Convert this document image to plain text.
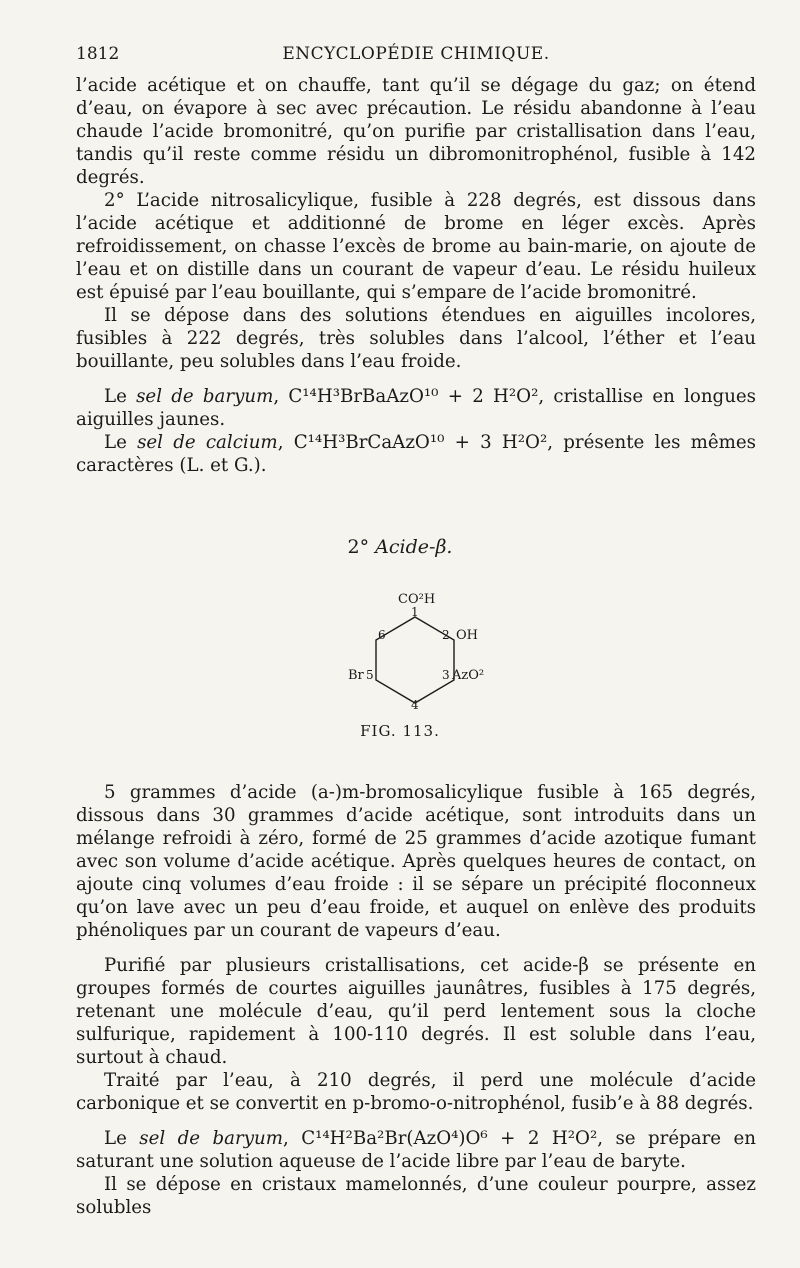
1812	ENCYCLOPÉDIE CHIMIQUE.

l’acide acétique et on chauffe, tant qu’il se dégage du gaz; on étend d’eau, on évapore à sec avec précaution. Le résidu abandonne à l’eau chaude l’acide bromonitré, qu’on purifie par cristallisation dans l’eau, tandis qu’il reste comme résidu un dibromonitrophénol, fusible à 142 degrés.

2° L’acide nitrosalicylique, fusible à 228 degrés, est dissous dans l’acide acétique et additionné de brome en léger excès. Après refroidissement, on chasse l’excès de brome au bain-marie, on ajoute de l’eau et on distille dans un courant de vapeur d’eau. Le résidu huileux est épuisé par l’eau bouillante, qui s’empare de l’acide bromonitré.

Il se dépose dans des solutions étendues en aiguilles incolores, fusibles à 222 degrés, très solubles dans l’alcool, l’éther et l’eau bouillante, peu solubles dans l’eau froide.

Le sel de baryum, C¹⁴H³BrBaAzO¹⁰ + 2 H²O², cristallise en longues aiguilles jaunes.

Le sel de calcium, C¹⁴H³BrCaAzO¹⁰ + 3 H²O², présente les mêmes caractères (L. et G.).

2° Acide-β.
CO²H
1
2 OH
3 AzO²
4
5
Br
6
FIG. 113.

5 grammes d’acide (a-)m-bromosalicylique fusible à 165 degrés, dissous dans 30 grammes d’acide acétique, sont introduits dans un mélange refroidi à zéro, formé de 25 grammes d’acide azotique fumant avec son volume d’acide acétique. Après quelques heures de contact, on ajoute cinq volumes d’eau froide : il se sépare un précipité floconneux qu’on lave avec un peu d’eau froide, et auquel on enlève des produits phénoliques par un courant de vapeurs d’eau.

Purifié par plusieurs cristallisations, cet acide-β se présente en groupes formés de courtes aiguilles jaunâtres, fusibles à 175 degrés, retenant une molécule d’eau, qu’il perd lentement sous la cloche sulfurique, rapidement à 100-110 degrés. Il est soluble dans l’eau, surtout à chaud.

Traité par l’eau, à 210 degrés, il perd une molécule d’acide carbonique et se convertit en p-bromo-o-nitrophénol, fusib’e à 88 degrés.

Le sel de baryum, C¹⁴H²Ba²Br(AzO⁴)O⁶ + 2 H²O², se prépare en saturant une solution aqueuse de l’acide libre par l’eau de baryte.

Il se dépose en cristaux mamelonnés, d’une couleur pourpre, assez solubles
